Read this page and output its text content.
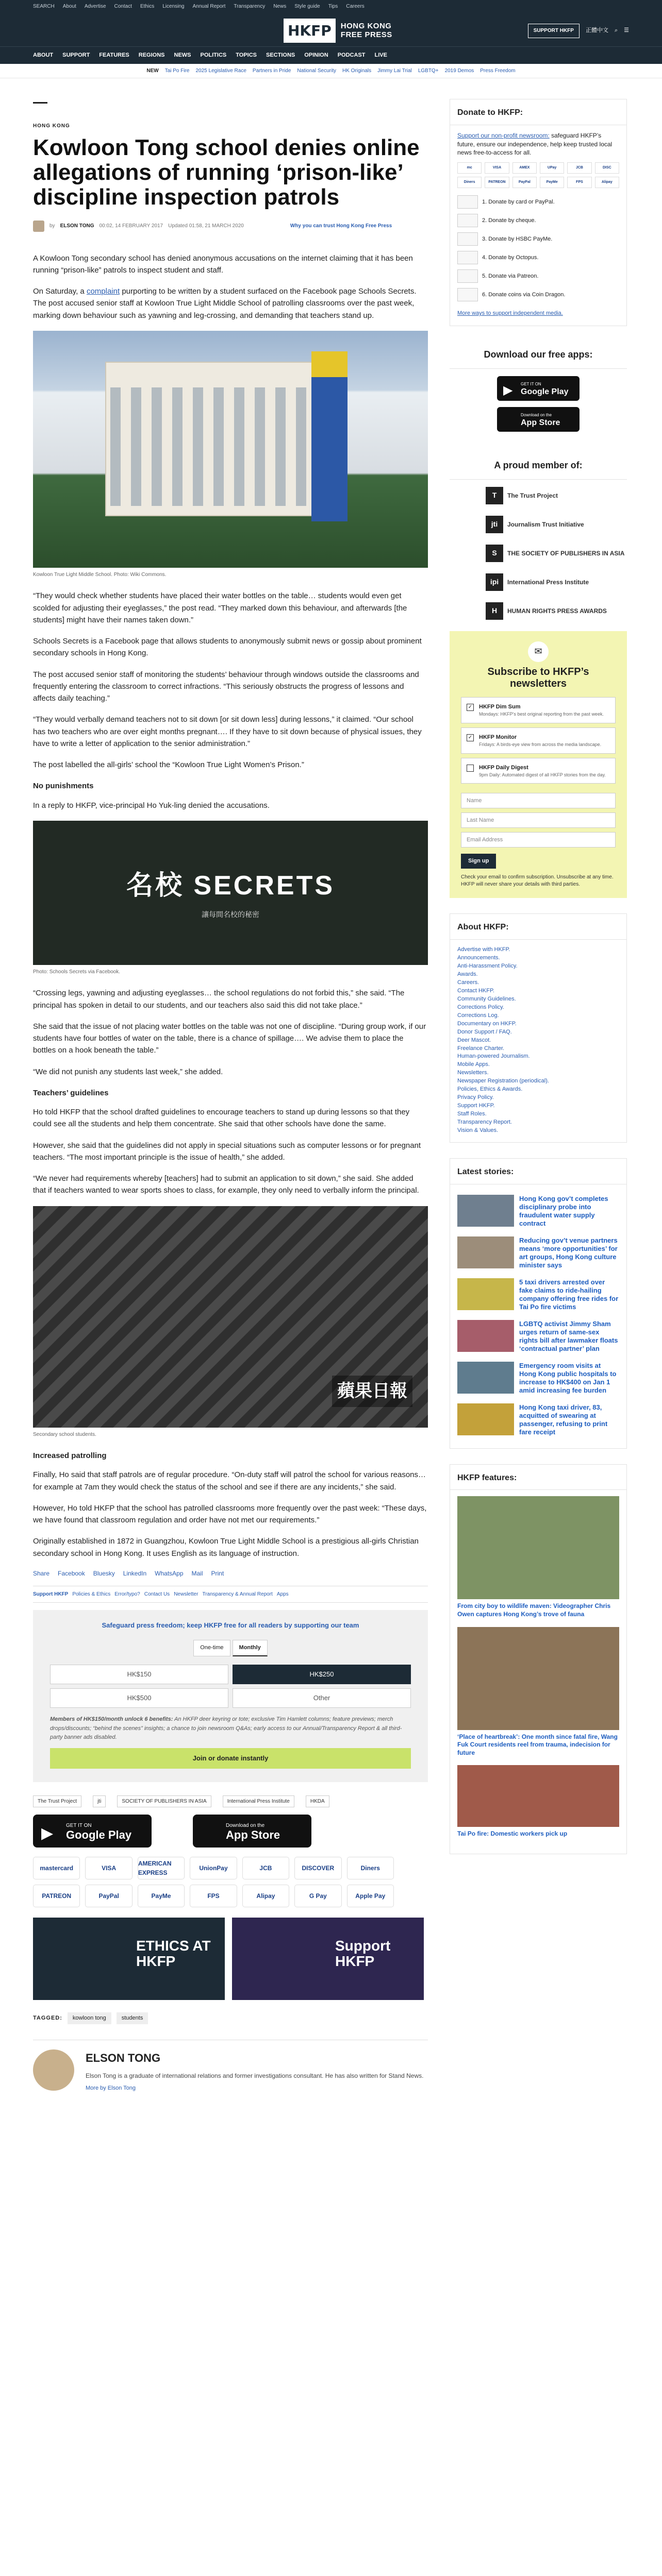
SEARCH About Advertise Contact Ethics Licensing Annual Report Transparency News Style guide Tips Careers
HKFP	HONG KONG
FREE PRESS	SUPPORT HKFP	正體中文 ⌕ ☰
ABOUT SUPPORT FEATURES REGIONS NEWS POLITICS TOPICS SECTIONS OPINION PODCAST LIVE
NEW Tai Po Fire 2025 Legislative Race Partners in Pride National Security HK Originals Jimmy Lai Trial LGBTQ+ 2019 Demos Press Freedom
HONG KONG
Kowloon Tong school denies online allegations of running ‘prison-like’ discipline inspection patrols
by ELSON TONG 00:02, 14 FEBRUARY 2017 Updated 01:58, 21 MARCH 2020	Why you can trust Hong Kong Free Press

A Kowloon Tong secondary school has denied anonymous accusations on the internet claiming that it has been running “prison-like” patrols to inspect student and staff.

On Saturday, a complaint purporting to be written by a student surfaced on the Facebook page Schools Secrets. The post accused senior staff at Kowloon True Light Middle School of patrolling classrooms over the past week, marking down behaviour such as yawning and leg-crossing, and demanding that teachers stand up.

Kowloon True Light Middle School. Photo: Wiki Commons.

“They would check whether students have placed their water bottles on the table… students would even get scolded for adjusting their eyeglasses,” the post read. “They marked down this behaviour, and afterwards [the students] might have their names taken down.”

Schools Secrets is a Facebook page that allows students to anonymously submit news or gossip about prominent secondary schools in Hong Kong.

The post accused senior staff of monitoring the students’ behaviour through windows outside the classrooms and frequently entering the classroom to correct infractions. “This seriously obstructs the progress of lessons and affects daily teaching.”

“They would verbally demand teachers not to sit down [or sit down less] during lessons,” it claimed. “Our school has two teachers who are over eight months pregnant…. If they have to sit down because of physical issues, they have to write a letter of application to the senior administration.”

The post labelled the all-girls’ school the “Kowloon True Light Women’s Prison.”

No punishments

In a reply to HKFP, vice-principal Ho Yuk-ling denied the accusations.

名校 SECRETS
讓每間名校的秘密
Photo: Schools Secrets via Facebook.

“Crossing legs, yawning and adjusting eyeglasses… the school regulations do not forbid this,” she said. “The principal has spoken in detail to our students, and our teachers also said this did not take place.”

She said that the issue of not placing water bottles on the table was not one of discipline. “During group work, if our students have four bottles of water on the table, there is a chance of spillage…. We advise them to place the bottles on a hook beneath the table.”

“We did not punish any students last week,” she added.

Teachers’ guidelines

Ho told HKFP that the school drafted guidelines to encourage teachers to stand up during lessons so that they could see all the students and help them concentrate. She said that other schools have done the same.

However, she said that the guidelines did not apply in special situations such as computer lessons or for pregnant teachers. “The most important principle is the issue of health,” she added.

“We never had requirements whereby [teachers] had to submit an application to sit down,” she said. She added that if teachers wanted to wear sports shoes to class, for example, they only need to verbally inform the principal.

蘋果日報
Secondary school students.
Increased patrolling

Finally, Ho said that staff patrols are of regular procedure. “On-duty staff will patrol the school for various reasons… for example at 7am they would check the status of the school and see if there are any incidents,” she said.

However, Ho told HKFP that the school has patrolled classrooms more frequently over the past week: “These days, we have found that classroom regulation and order have not met our requirements.”

Originally established in 1872 in Guangzhou, Kowloon True Light Middle School is a prestigious all-girls Christian secondary school in Hong Kong. It uses English as its language of instruction.

Share Facebook Bluesky LinkedIn WhatsApp Mail Print
Support HKFP Policies & Ethics Error/typo? Contact Us Newsletter Transparency & Annual Report Apps
Safeguard press freedom; keep HKFP free for all readers by supporting our team
One-time	Monthly
HK$150	HK$250
HK$500	Other
Members of HK$150/month unlock 6 benefits: An HKFP deer keyring or tote; exclusive Tim Hamlett columns; feature previews; merch drops/discounts; “behind the scenes” insights; a chance to join newsroom Q&As; early access to our Annual/Transparency Report & all third-party banner ads disabled.
Join or donate instantly
The Trust Project	jti	SOCIETY OF PUBLISHERS IN ASIA	International Press Institute	HKDA
▶ GET IT ON
Google Play
Download on the
App Store
mastercard	VISA
AMERICAN EXPRESS
UnionPay	JCB	DISCOVER	Diners
PATREON	PayPal	PayMe	FPS	Alipay	G Pay	Apple Pay
ETHICS AT HKFP
Support HKFP
TAGGED:	kowloon tong	students
ELSON TONG
Elson Tong is a graduate of international relations and former investigations consultant. He has also written for Stand News.
More by Elson Tong
Donate to HKFP:

Support our non-profit newsroom: safeguard HKFP’s future, ensure our independence, help keep trusted local news free-to-access for all.

mc	VISA	AMEX	UPay	JCB	DISC
Diners	PATREON	PayPal	PayMe	FPS	Alipay
1. Donate by card or PayPal.
2. Donate by cheque.
3. Donate by HSBC PayMe.
4. Donate by Octopus.
5. Donate via Patreon.
6. Donate coins via Coin Dragon.
More ways to support independent media.
Download our free apps:
▶ GET IT ON
Google Play
Download on the
App Store
A proud member of:
T	The Trust Project
jti	Journalism Trust Initiative
S	THE SOCIETY OF PUBLISHERS IN ASIA
ipi	International Press Institute
H	HUMAN RIGHTS PRESS AWARDS
✉
Subscribe to HKFP’s newsletters
✓ HKFP Dim Sum
Mondays: HKFP’s best original reporting from the past week.
✓ HKFP Monitor
Fridays: A birds-eye view from across the media landscape.
HKFP Daily Digest
9pm Daily: Automated digest of all HKFP stories from the day.
Name
Last Name
Email Address
Sign up
Check your email to confirm subscription. Unsubscribe at any time. HKFP will never share your details with third parties.
About HKFP:
Advertise with HKFP.
Announcements.
Anti-Harassment Policy.
Awards.
Careers.
Contact HKFP.
Community Guidelines.
Corrections Policy.
Corrections Log.
Documentary on HKFP.
Donor Support / FAQ.
Deer Mascot.
Freelance Charter.
Human-powered Journalism.
Mobile Apps.
Newsletters.
Newspaper Registration (periodical).
Policies, Ethics & Awards.
Privacy Policy.
Support HKFP.
Staff Roles.
Transparency Report.
Vision & Values.
Latest stories:
Hong Kong gov’t completes disciplinary probe into fraudulent water supply contract
Reducing gov’t venue partners means ‘more opportunities’ for art groups, Hong Kong culture minister says
5 taxi drivers arrested over fake claims to ride-hailing company offering free rides for Tai Po fire victims
LGBTQ activist Jimmy Sham urges return of same-sex rights bill after lawmaker floats ‘contractual partner’ plan
Emergency room visits at Hong Kong public hospitals to increase to HK$400 on Jan 1 amid increasing fee burden
Hong Kong taxi driver, 83, acquitted of swearing at passenger, refusing to print fare receipt
HKFP features:
From city boy to wildlife maven: Videographer Chris Owen captures Hong Kong’s trove of fauna
‘Place of heartbreak’: One month since fatal fire, Wang Fuk Court residents reel from trauma, indecision for future
Tai Po fire: Domestic workers pick up
